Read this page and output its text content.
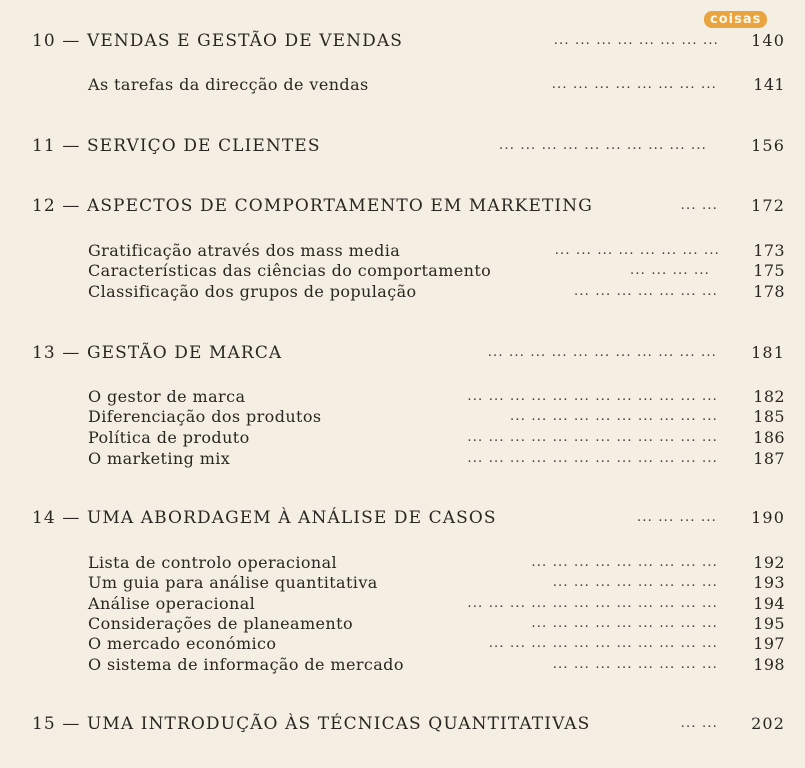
coisas
10 — VENDAS E GESTÃO DE VENDAS	... ... ... ... ... ... ... ...	140
As tarefas da direcção de vendas	... ... ... ... ... ... ... ...	141
11 — SERVIÇO DE CLIENTES	... ... ... ... ... ... ... ... ... ...	156
12 — ASPECTOS DE COMPORTAMENTO EM MARKETING	... ...	172
Gratificação através dos mass media	... ... ... ... ... ... ... ...	173
Características das ciências do comportamento	... ... ... ...	175
Classificação dos grupos de população	... ... ... ... ... ... ...	178
13 — GESTÃO DE MARCA	... ... ... ... ... ... ... ... ... ... ...	181
O gestor de marca	... ... ... ... ... ... ... ... ... ... ... ...	182
Diferenciação dos produtos	... ... ... ... ... ... ... ... ... ...	185
Política de produto	... ... ... ... ... ... ... ... ... ... ... ...	186
O marketing mix	... ... ... ... ... ... ... ... ... ... ... ...	187
14 — UMA ABORDAGEM À ANÁLISE DE CASOS	... ... ... ...	190
Lista de controlo operacional	... ... ... ... ... ... ... ... ...	192
Um guia para análise quantitativa	... ... ... ... ... ... ... ...	193
Análise operacional	... ... ... ... ... ... ... ... ... ... ... ...	194
Considerações de planeamento	... ... ... ... ... ... ... ... ...	195
O mercado económico	... ... ... ... ... ... ... ... ... ... ...	197
O sistema de informação de mercado	... ... ... ... ... ... ... ...	198
15 — UMA INTRODUÇÃO ÀS TÉCNICAS QUANTITATIVAS	... ...	202
